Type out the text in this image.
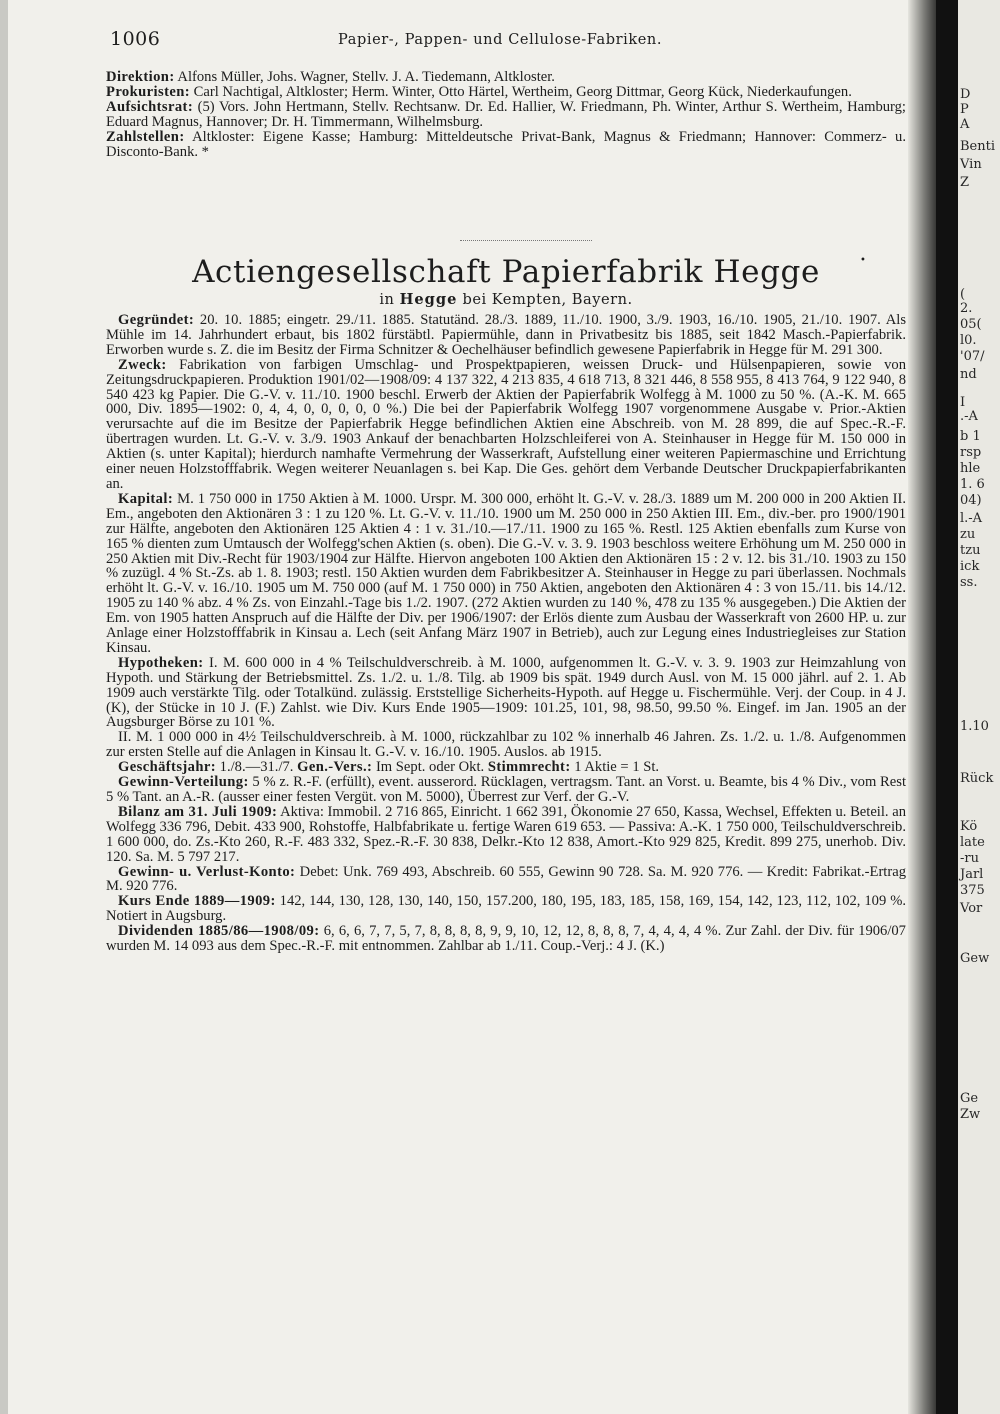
1006	Papier-, Pappen- und Cellulose-Fabriken.

Direktion: Alfons Müller, Johs. Wagner, Stellv. J. A. Tiedemann, Altkloster.

Prokuristen: Carl Nachtigal, Altkloster; Herm. Winter, Otto Härtel, Wertheim, Georg Dittmar, Georg Kück, Niederkaufungen.

Aufsichtsrat: (5) Vors. John Hertmann, Stellv. Rechtsanw. Dr. Ed. Hallier, W. Friedmann, Ph. Winter, Arthur S. Wertheim, Hamburg; Eduard Magnus, Hannover; Dr. H. Timmermann, Wilhelmsburg.

Zahlstellen: Altkloster: Eigene Kasse; Hamburg: Mitteldeutsche Privat-Bank, Magnus & Friedmann; Hannover: Commerz- u. Disconto-Bank. *

•
Actiengesellschaft Papierfabrik Hegge
in Hegge bei Kempten, Bayern.

Gegründet: 20. 10. 1885; eingetr. 29./11. 1885. Statutänd. 28./3. 1889, 11./10. 1900, 3./9. 1903, 16./10. 1905, 21./10. 1907. Als Mühle im 14. Jahrhundert erbaut, bis 1802 fürstäbtl. Papiermühle, dann in Privatbesitz bis 1885, seit 1842 Masch.-Papierfabrik. Erworben wurde s. Z. die im Besitz der Firma Schnitzer & Oechelhäuser befindlich gewesene Papierfabrik in Hegge für M. 291 300.

Zweck: Fabrikation von farbigen Umschlag- und Prospektpapieren, weissen Druck- und Hülsenpapieren, sowie von Zeitungsdruckpapieren. Produktion 1901/02—1908/09: 4 137 322, 4 213 835, 4 618 713, 8 321 446, 8 558 955, 8 413 764, 9 122 940, 8 540 423 kg Papier. Die G.-V. v. 11./10. 1900 beschl. Erwerb der Aktien der Papierfabrik Wolfegg à M. 1000 zu 50 %. (A.-K. M. 665 000, Div. 1895—1902: 0, 4, 4, 0, 0, 0, 0, 0 %.) Die bei der Papierfabrik Wolfegg 1907 vorgenommene Ausgabe v. Prior.-Aktien verursachte auf die im Besitze der Papierfabrik Hegge befindlichen Aktien eine Abschreib. von M. 28 899, die auf Spec.-R.-F. übertragen wurden. Lt. G.-V. v. 3./9. 1903 Ankauf der benachbarten Holzschleiferei von A. Steinhauser in Hegge für M. 150 000 in Aktien (s. unter Kapital); hierdurch namhafte Vermehrung der Wasserkraft, Aufstellung einer weiteren Papiermaschine und Errichtung einer neuen Holzstofffabrik. Wegen weiterer Neuanlagen s. bei Kap. Die Ges. gehört dem Verbande Deutscher Druckpapierfabrikanten an.

Kapital: M. 1 750 000 in 1750 Aktien à M. 1000. Urspr. M. 300 000, erhöht lt. G.-V. v. 28./3. 1889 um M. 200 000 in 200 Aktien II. Em., angeboten den Aktionären 3 : 1 zu 120 %. Lt. G.-V. v. 11./10. 1900 um M. 250 000 in 250 Aktien III. Em., div.-ber. pro 1900/1901 zur Hälfte, angeboten den Aktionären 125 Aktien 4 : 1 v. 31./10.—17./11. 1900 zu 165 %. Restl. 125 Aktien ebenfalls zum Kurse von 165 % dienten zum Umtausch der Wolfegg'schen Aktien (s. oben). Die G.-V. v. 3. 9. 1903 beschloss weitere Erhöhung um M. 250 000 in 250 Aktien mit Div.-Recht für 1903/1904 zur Hälfte. Hiervon angeboten 100 Aktien den Aktionären 15 : 2 v. 12. bis 31./10. 1903 zu 150 % zuzügl. 4 % St.-Zs. ab 1. 8. 1903; restl. 150 Aktien wurden dem Fabrikbesitzer A. Steinhauser in Hegge zu pari überlassen. Nochmals erhöht lt. G.-V. v. 16./10. 1905 um M. 750 000 (auf M. 1 750 000) in 750 Aktien, angeboten den Aktionären 4 : 3 von 15./11. bis 14./12. 1905 zu 140 % abz. 4 % Zs. von Einzahl.-Tage bis 1./2. 1907. (272 Aktien wurden zu 140 %, 478 zu 135 % ausgegeben.) Die Aktien der Em. von 1905 hatten Anspruch auf die Hälfte der Div. per 1906/1907: der Erlös diente zum Ausbau der Wasserkraft von 2600 HP. u. zur Anlage einer Holzstofffabrik in Kinsau a. Lech (seit Anfang März 1907 in Betrieb), auch zur Legung eines Industriegleises zur Station Kinsau.

Hypotheken: I. M. 600 000 in 4 % Teilschuldverschreib. à M. 1000, aufgenommen lt. G.-V. v. 3. 9. 1903 zur Heimzahlung von Hypoth. und Stärkung der Betriebsmittel. Zs. 1./2. u. 1./8. Tilg. ab 1909 bis spät. 1949 durch Ausl. von M. 15 000 jährl. auf 2. 1. Ab 1909 auch verstärkte Tilg. oder Totalkünd. zulässig. Erststellige Sicherheits-Hypoth. auf Hegge u. Fischermühle. Verj. der Coup. in 4 J. (K), der Stücke in 10 J. (F.) Zahlst. wie Div. Kurs Ende 1905—1909: 101.25, 101, 98, 98.50, 99.50 %. Eingef. im Jan. 1905 an der Augsburger Börse zu 101 %.

II. M. 1 000 000 in 4½ Teilschuldverschreib. à M. 1000, rückzahlbar zu 102 % innerhalb 46 Jahren. Zs. 1./2. u. 1./8. Aufgenommen zur ersten Stelle auf die Anlagen in Kinsau lt. G.-V. v. 16./10. 1905. Auslos. ab 1915.

Geschäftsjahr: 1./8.—31./7. Gen.-Vers.: Im Sept. oder Okt. Stimmrecht: 1 Aktie = 1 St.

Gewinn-Verteilung: 5 % z. R.-F. (erfüllt), event. ausserord. Rücklagen, vertragsm. Tant. an Vorst. u. Beamte, bis 4 % Div., vom Rest 5 % Tant. an A.-R. (ausser einer festen Vergüt. von M. 5000), Überrest zur Verf. der G.-V.

Bilanz am 31. Juli 1909: Aktiva: Immobil. 2 716 865, Einricht. 1 662 391, Ökonomie 27 650, Kassa, Wechsel, Effekten u. Beteil. an Wolfegg 336 796, Debit. 433 900, Rohstoffe, Halbfabrikate u. fertige Waren 619 653. — Passiva: A.-K. 1 750 000, Teilschuldverschreib. 1 600 000, do. Zs.-Kto 260, R.-F. 483 332, Spez.-R.-F. 30 838, Delkr.-Kto 12 838, Amort.-Kto 929 825, Kredit. 899 275, unerhob. Div. 120. Sa. M. 5 797 217.

Gewinn- u. Verlust-Konto: Debet: Unk. 769 493, Abschreib. 60 555, Gewinn 90 728. Sa. M. 920 776. — Kredit: Fabrikat.-Ertrag M. 920 776.

Kurs Ende 1889—1909: 142, 144, 130, 128, 130, 140, 150, 157.200, 180, 195, 183, 185, 158, 169, 154, 142, 123, 112, 102, 109 %. Notiert in Augsburg.

Dividenden 1885/86—1908/09: 6, 6, 6, 7, 7, 5, 7, 8, 8, 8, 8, 9, 9, 10, 12, 12, 8, 8, 8, 7, 4, 4, 4, 4 %. Zur Zahl. der Div. für 1906/07 wurden M. 14 093 aus dem Spec.-R.-F. mit entnommen. Zahlbar ab 1./11. Coup.-Verj.: 4 J. (K.)

D
P
A
Benti
Vin
Z
(
2.
05(
l0.
'07/
nd
I
.-A
b 1
rsp
hle
1. 6
04)
l.-A
zu
tzu
ick
ss.
1.10
Rück
Kö
late
-ru
Jarl
375
Vor
Gew
Ge
Zw
